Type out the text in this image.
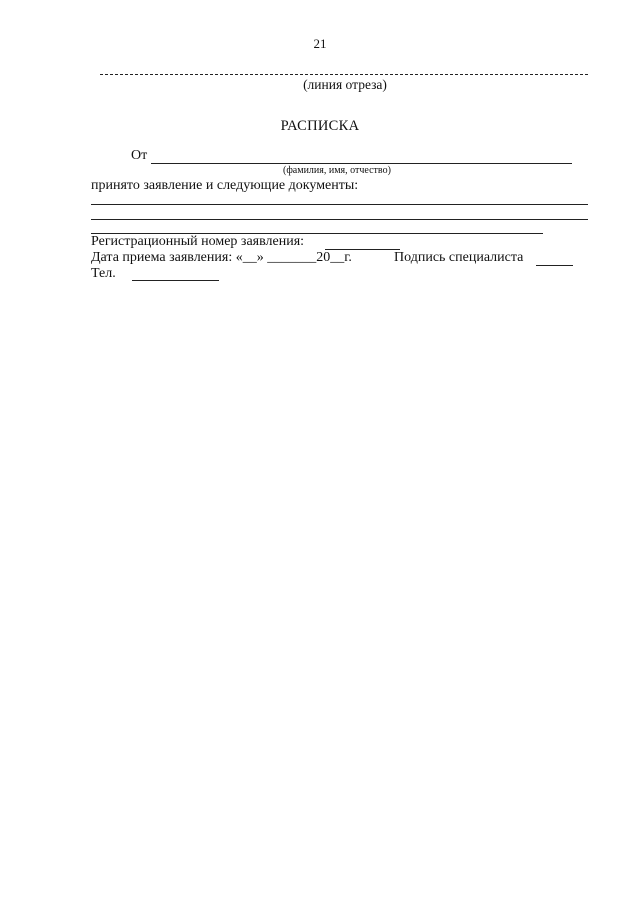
21
(линия отреза)
РАСПИСКА
От
(фамилия, имя, отчество)
принято заявление и следующие документы:
Регистрационный номер заявления:
Дата приема заявления: «__» _______20__г.	Подпись специалиста
Тел.
